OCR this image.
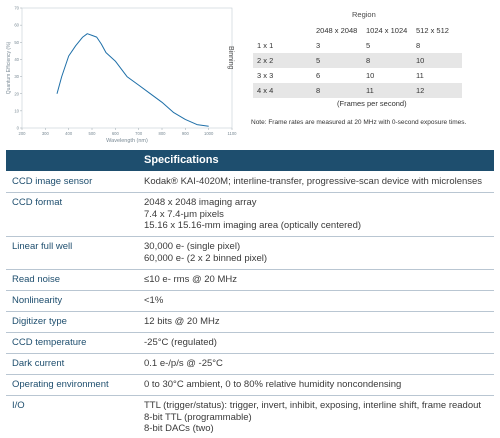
0
10
20
30
40
50
60
70
200	300	400	500	600	700	800	900	1000	1100
Wavelength (nm)
Quantum Efficiency (%)
Region
Binning
	2048 x 2048	1024 x 1024	512 x 512
1 x 1	3	5	8
2 x 2	5	8	10
3 x 3	6	10	11
4 x 4	8	11	12
(Frames per second)
Note: Frame rates are measured at 20 MHz with 0-second exposure times.
Specifications
CCD image sensor	Kodak® KAI-4020M; interline-transfer, progressive-scan device with microlenses
CCD format	2048 x 2048 imaging array
7.4 x 7.4-μm pixels
15.16 x 15.16-mm imaging area (optically centered)
Linear full well	30,000 e- (single pixel)
60,000 e- (2 x 2 binned pixel)
Read noise	≤10 e- rms @ 20 MHz
Nonlinearity	<1%
Digitizer type	12 bits @ 20 MHz
CCD temperature	-25°C (regulated)
Dark current	0.1 e-/p/s @ -25°C
Operating environment	0 to 30°C ambient, 0 to 80% relative humidity noncondensing
I/O	TTL (trigger/status): trigger, invert, inhibit, exposing, interline shift, frame readout
8-bit TTL (programmable)
8-bit DACs (two)
